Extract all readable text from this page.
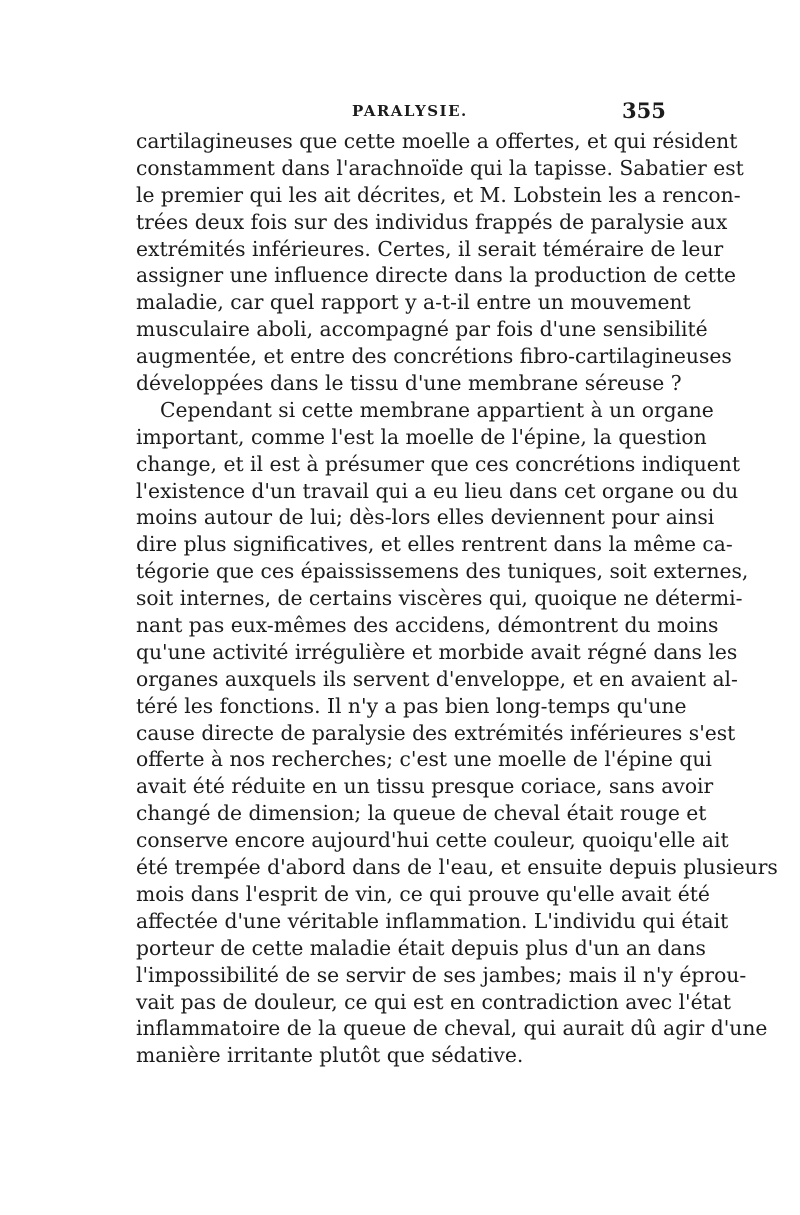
PARALYSIE.	355
cartilagineuses que cette moelle a offertes, et qui résident
constamment dans l'arachnoïde qui la tapisse. Sabatier est
le premier qui les ait décrites, et M. Lobstein les a rencon-
trées deux fois sur des individus frappés de paralysie aux
extrémités inférieures. Certes, il serait téméraire de leur
assigner une influence directe dans la production de cette
maladie, car quel rapport y a-t-il entre un mouvement
musculaire aboli, accompagné par fois d'une sensibilité
augmentée, et entre des concrétions fibro-cartilagineuses
développées dans le tissu d'une membrane séreuse ?
Cependant si cette membrane appartient à un organe
important, comme l'est la moelle de l'épine, la question
change, et il est à présumer que ces concrétions indiquent
l'existence d'un travail qui a eu lieu dans cet organe ou du
moins autour de lui; dès-lors elles deviennent pour ainsi
dire plus significatives, et elles rentrent dans la même ca-
tégorie que ces épaississemens des tuniques, soit externes,
soit internes, de certains viscères qui, quoique ne détermi-
nant pas eux-mêmes des accidens, démontrent du moins
qu'une activité irrégulière et morbide avait régné dans les
organes auxquels ils servent d'enveloppe, et en avaient al-
téré les fonctions. Il n'y a pas bien long-temps qu'une
cause directe de paralysie des extrémités inférieures s'est
offerte à nos recherches; c'est une moelle de l'épine qui
avait été réduite en un tissu presque coriace, sans avoir
changé de dimension; la queue de cheval était rouge et
conserve encore aujourd'hui cette couleur, quoiqu'elle ait
été trempée d'abord dans de l'eau, et ensuite depuis plusieurs
mois dans l'esprit de vin, ce qui prouve qu'elle avait été
affectée d'une véritable inflammation. L'individu qui était
porteur de cette maladie était depuis plus d'un an dans
l'impossibilité de se servir de ses jambes; mais il n'y éprou-
vait pas de douleur, ce qui est en contradiction avec l'état
inflammatoire de la queue de cheval, qui aurait dû agir d'une
manière irritante plutôt que sédative.
